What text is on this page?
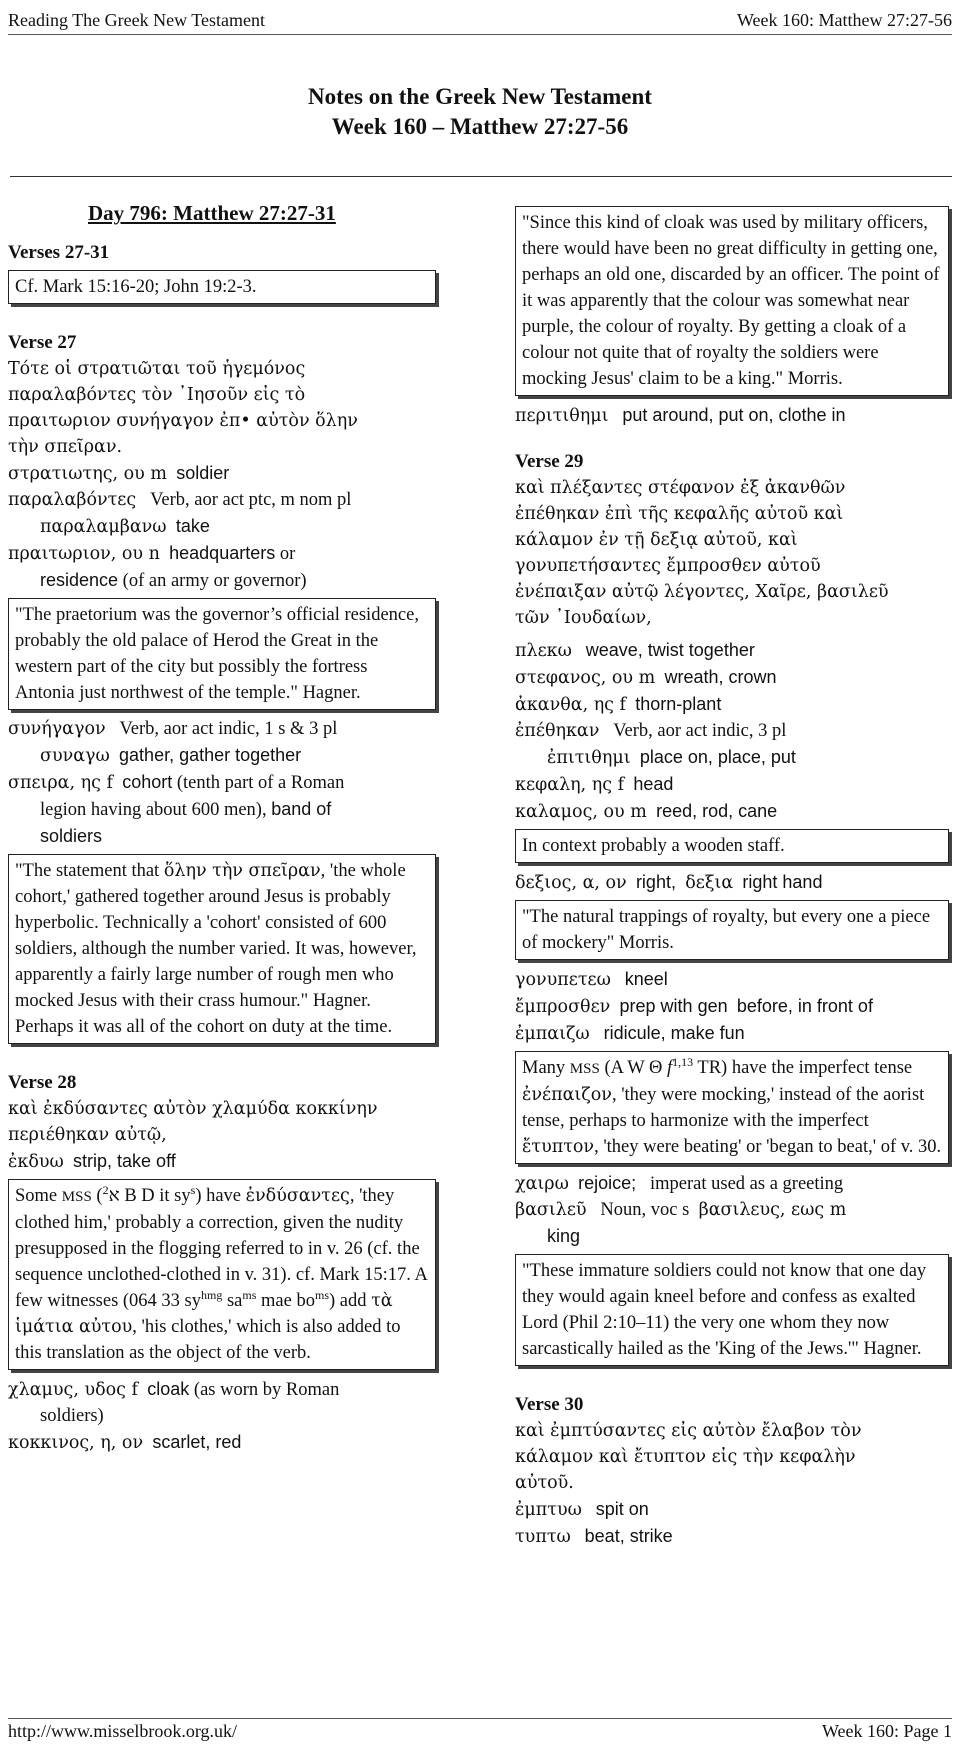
Reading The Greek New Testament	Week 160: Matthew 27:27-56
Notes on the Greek New Testament
Week 160 – Matthew 27:27-56
Day 796: Matthew 27:27-31
Verses 27-31
Cf. Mark 15:16-20; John 19:2-3.
Verse 27
Τότε οἱ στρατιῶται τοῦ ἡγεμόνος
παραλαβόντες τὸν ᾿Ιησοῦν εἰς τὸ
πραιτωριον συνήγαγον ἐπ• αὐτὸν ὅλην
τὴν σπεῖραν.
στρατιωτης, ου m soldier
παραλαβόντες Verb, aor act ptc, m nom pl
παραλαμβανω take
πραιτωριον, ου n headquarters or
residence (of an army or governor)
"The praetorium was the governor’s official residence, probably the old palace of Herod the Great in the western part of the city but possibly the fortress Antonia just northwest of the temple." Hagner.
συνήγαγον Verb, aor act indic, 1 s & 3 pl
συναγω gather, gather together
σπειρα, ης f cohort (tenth part of a Roman
legion having about 600 men), band of
soldiers
"The statement that ὅλην τὴν σπεῖραν, 'the whole cohort,' gathered together around Jesus is probably hyperbolic. Technically a 'cohort' consisted of 600 soldiers, although the number varied. It was, however, apparently a fairly large number of rough men who mocked Jesus with their crass humour." Hagner. Perhaps it was all of the cohort on duty at the time.
Verse 28
καὶ ἐκδύσαντες αὐτὸν χλαμύδα κοκκίνην
περιέθηκαν αὐτῷ,
ἐκδυω strip, take off
Some MSS (א$^2$ B D it $sy^s$) have ἐνδύσαντες, 'they clothed him,' probably a correction, given the nudity presupposed in the flogging referred to in v. 26 (cf. the sequence unclothed-clothed in v. 31). cf. Mark 15:17. A few witnesses (064 33 $sy^{hmg}$ $sa^{ms}$ mae $bo^{ms}$) add τὰ ἱμάτια αὐτου, 'his clothes,' which is also added to this translation as the object of the verb.
χλαμυς, υδος f cloak (as worn by Roman
soldiers)
κοκκινος, η, ον scarlet, red
"Since this kind of cloak was used by military officers, there would have been no great difficulty in getting one, perhaps an old one, discarded by an officer. The point of it was apparently that the colour was somewhat near purple, the colour of royalty. By getting a cloak of a colour not quite that of royalty the soldiers were mocking Jesus' claim to be a king." Morris.
περιτιθημι put around, put on, clothe in
Verse 29
καὶ πλέξαντες στέφανον ἐξ ἀκανθῶν
ἐπέθηκαν ἐπὶ τῆς κεφαλῆς αὐτοῦ καὶ
κάλαμον ἐν τῇ δεξιᾳ αὐτοῦ, καὶ
γονυπετήσαντες ἔμπροσθεν αὐτοῦ
ἐνέπαιξαν αὐτῷ λέγοντες, Χαῖρε, βασιλεῦ
τῶν ᾿Ιουδαίων,
πλεκω weave, twist together
στεφανος, ου m wreath, crown
ἀκανθα, ης f thorn-plant
ἐπέθηκαν Verb, aor act indic, 3 pl
ἐπιτιθημι place on, place, put
κεφαλη, ης f head
καλαμος, ου m reed, rod, cane
In context probably a wooden staff.
δεξιος, α, ον right, δεξια right hand
"The natural trappings of royalty, but every one a piece of mockery" Morris.
γονυπετεω kneel
ἔμπροσθεν prep with gen before, in front of
ἐμπαιζω ridicule, make fun
Many MSS (A W Θ $f^{1,13}$ TR) have the imperfect tense ἐνέπαιζον, 'they were mocking,' instead of the aorist tense, perhaps to harmonize with the imperfect ἔτυπτον, 'they were beating' or 'began to beat,' of v. 30.
χαιρω rejoice; imperat used as a greeting
βασιλεῦ Noun, voc s βασιλευς, εως m
king
"These immature soldiers could not know that one day they would again kneel before and confess as exalted Lord (Phil 2:10–11) the very one whom they now sarcastically hailed as the 'King of the Jews.'" Hagner.
Verse 30
καὶ ἐμπτύσαντες εἰς αὐτὸν ἔλαβον τὸν
κάλαμον καὶ ἔτυπτον εἰς τὴν κεφαλὴν
αὐτοῦ.
ἐμπτυω spit on
τυπτω beat, strike
http://www.misselbrook.org.uk/	Week 160: Page 1
